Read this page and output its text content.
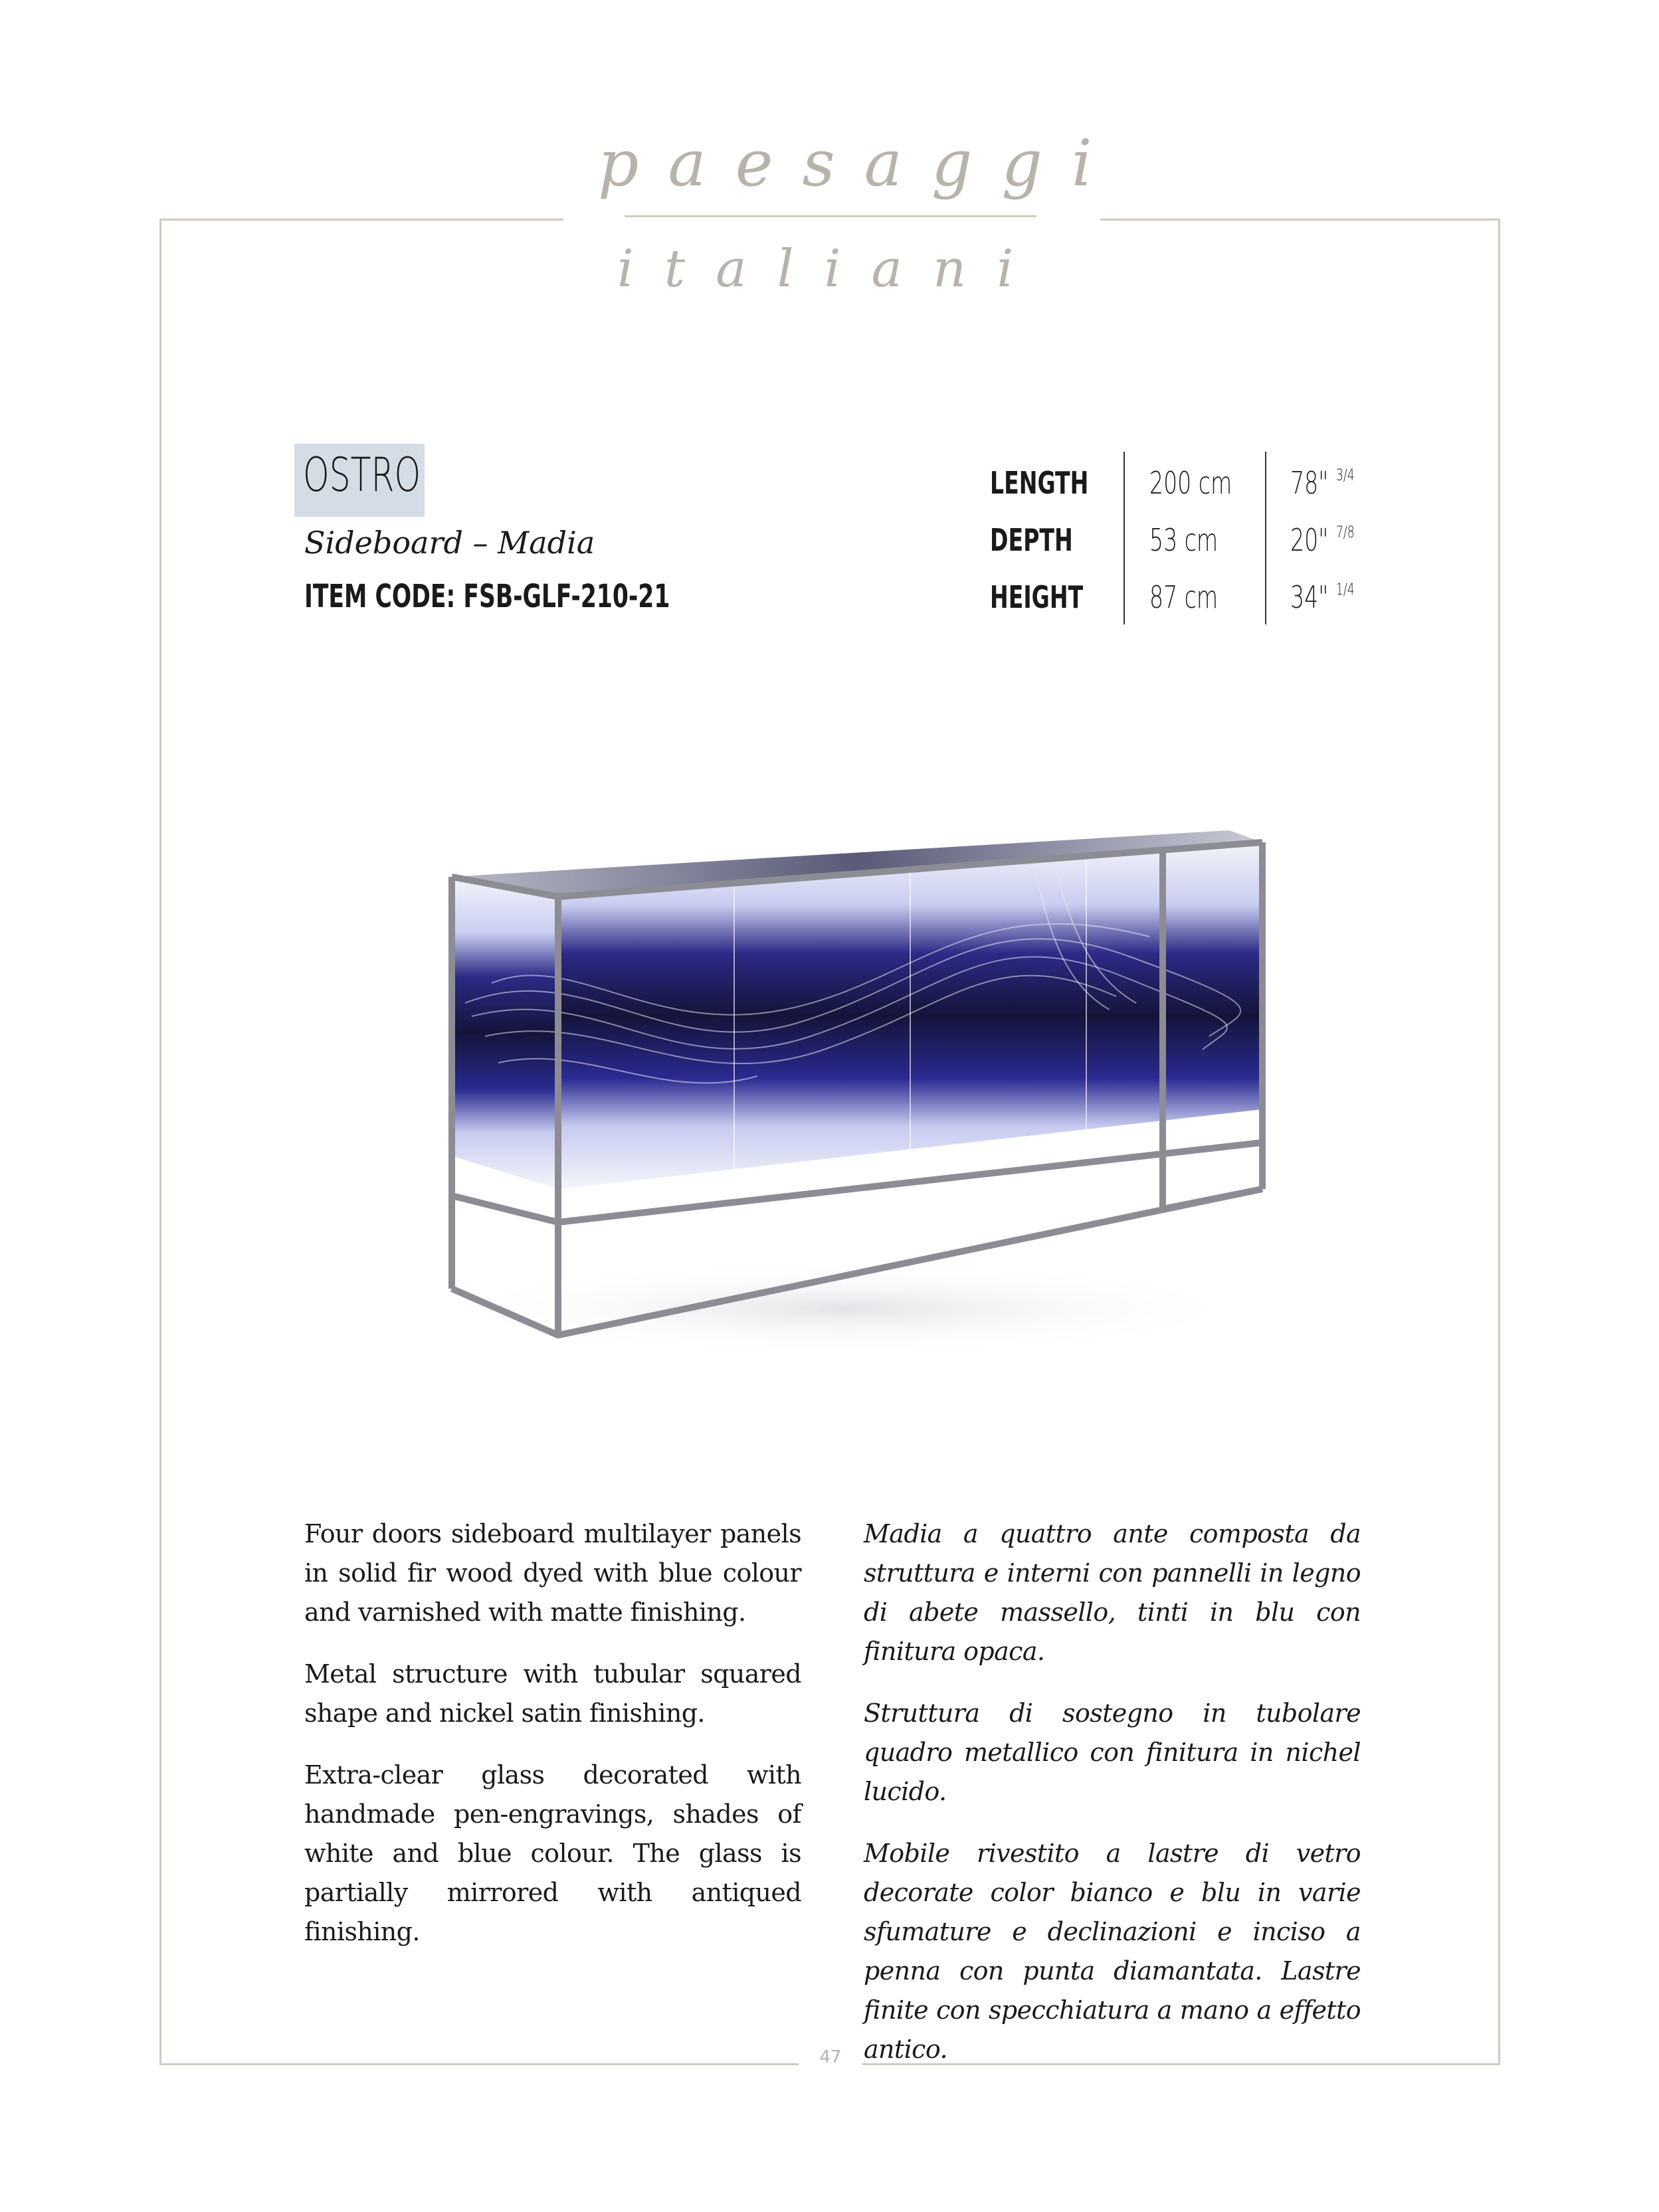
paesaggi
italiani
OSTRO
Sideboard – Madia
ITEM CODE: FSB-GLF-210-21
LENGTH 200 cm 78" $^{3/4}$
DEPTH	53 cm 20" $^{7/8}$
HEIGHT 87 cm 34" $^{1/4}$

Four doors sideboard multilayer panels in solid fir wood dyed with blue colour and varnished with matte finishing.

Metal structure with tubular squared shape and nickel satin finishing.

Extra-clear glass decorated with handmade pen-engravings, shades of white and blue colour. The glass is partially mirrored with antiqued finishing.

Madia a quattro ante composta da struttura e interni con pannelli in legno di abete massello, tinti in blu con finitura opaca.

Struttura di sostegno in tubolare quadro metallico con finitura in nichel lucido.

Mobile rivestito a lastre di vetro decorate color bianco e blu in varie sfumature e declinazioni e inciso a penna con punta diamantata. Lastre finite con specchiatura a mano a effetto antico.

47
